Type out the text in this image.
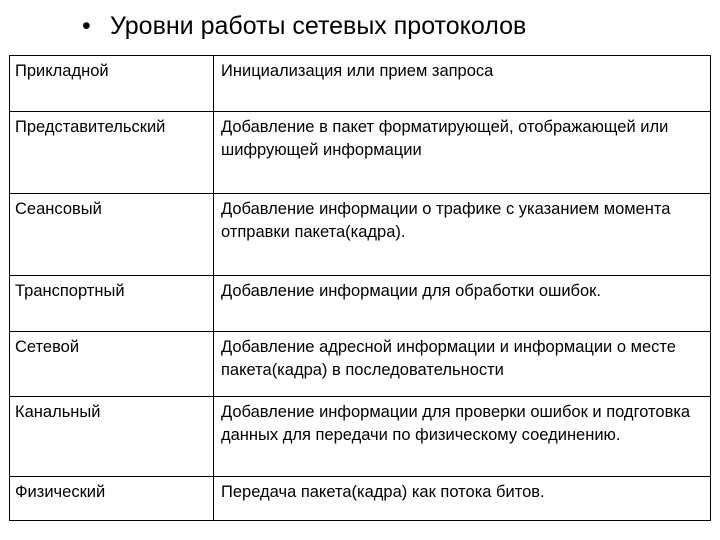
• Уровни работы сетевых протоколов
Прикладной	Инициализация или прием запроса
Представительский	Добавление в пакет форматирующей, отображающей или шифрующей информации
Сеансовый	Добавление информации о трафике с указанием момента отправки пакета(кадра).
Транспортный	Добавление информации для обработки ошибок.
Сетевой	Добавление адресной информации и информации о месте пакета(кадра) в последовательности
Канальный	Добавление информации для проверки ошибок и подготовка данных для передачи по физическому соединению.
Физический	Передача пакета(кадра) как потока битов.
